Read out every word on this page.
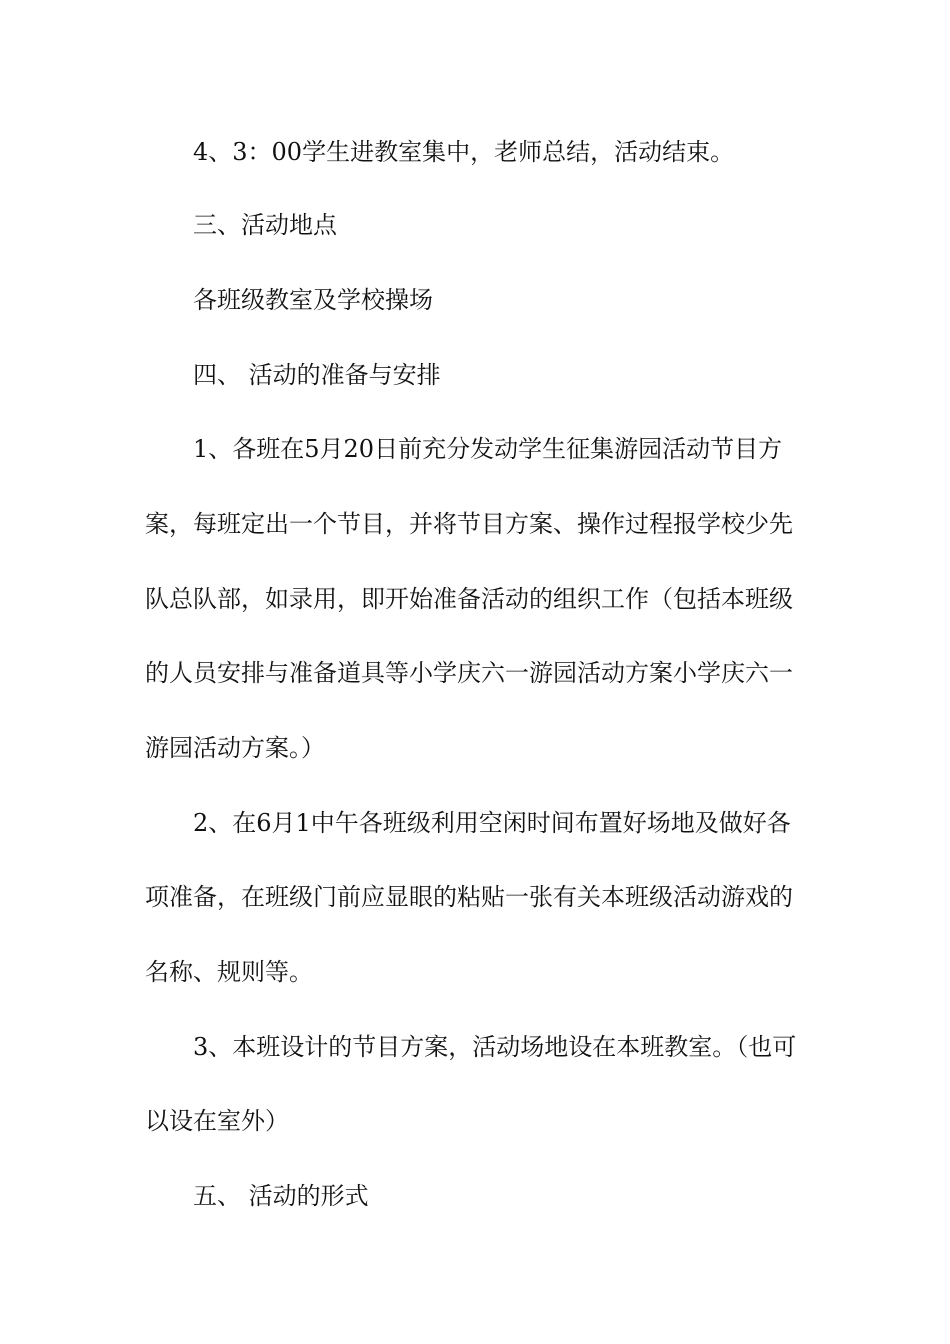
4、3：00学生进教室集中，老师总结，活动结束。
三、活动地点
各班级教室及学校操场
四、 活动的准备与安排
1、各班在5月20日前充分发动学生征集游园活动节目方
案，每班定出一个节目，并将节目方案、操作过程报学校少先
队总队部，如录用，即开始准备活动的组织工作（包括本班级
的人员安排与准备道具等小学庆六一游园活动方案小学庆六一
游园活动方案。）
2、在6月1中午各班级利用空闲时间布置好场地及做好各
项准备，在班级门前应显眼的粘贴一张有关本班级活动游戏的
名称、规则等。
3、本班设计的节目方案，活动场地设在本班教室。（也可
以设在室外）
五、 活动的形式
